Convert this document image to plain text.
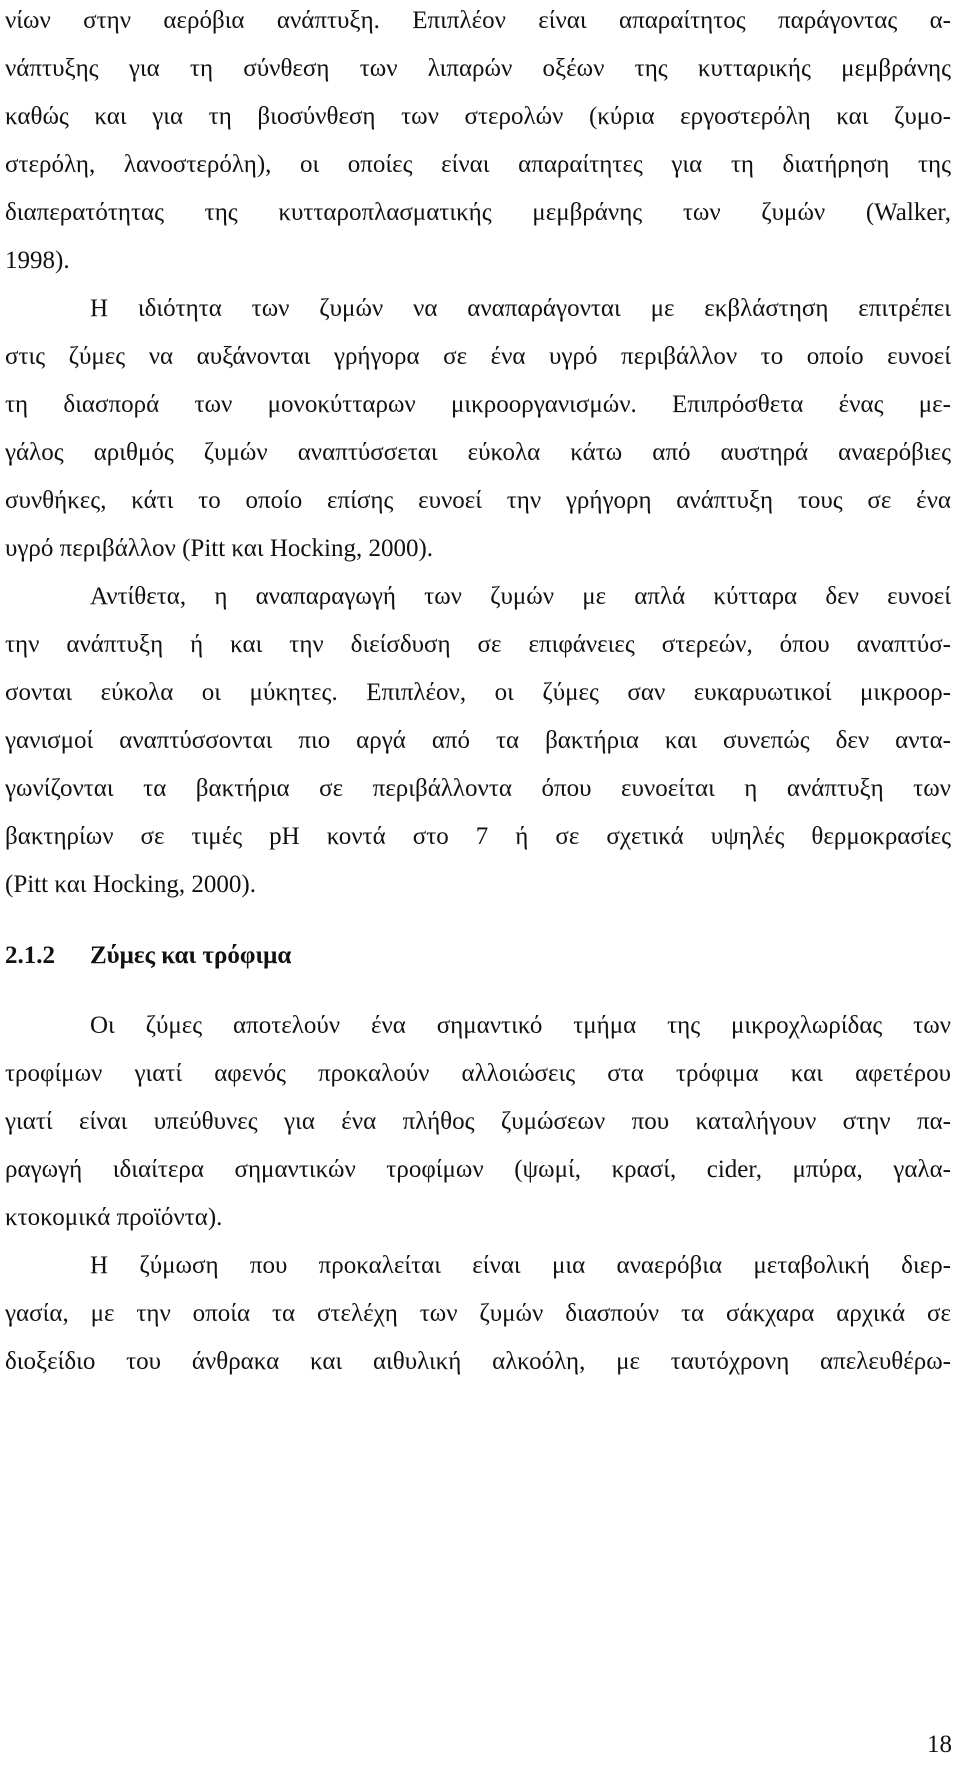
νίων στην αερόβια ανάπτυξη. Επιπλέον είναι απαραίτητος παράγοντας α-
νάπτυξης για τη σύνθεση των λιπαρών οξέων της κυτταρικής μεμβράνης
καθώς και για τη βιοσύνθεση των στερολών (κύρια εργοστερόλη και ζυμο-
στερόλη, λανοστερόλη), οι οποίες είναι απαραίτητες για τη διατήρηση της
διαπερατότητας της κυτταροπλασματικής μεμβράνης των ζυμών (Walker,
1998).
Η ιδιότητα των ζυμών να αναπαράγονται με εκβλάστηση επιτρέπει
στις ζύμες να αυξάνονται γρήγορα σε ένα υγρό περιβάλλον το οποίο ευνοεί
τη διασπορά των μονοκύτταρων μικροοργανισμών. Επιπρόσθετα ένας με-
γάλος αριθμός ζυμών αναπτύσσεται εύκολα κάτω από αυστηρά αναερόβιες
συνθήκες, κάτι το οποίο επίσης ευνοεί την γρήγορη ανάπτυξη τους σε ένα
υγρό περιβάλλον (Pitt και Hocking, 2000).
Αντίθετα, η αναπαραγωγή των ζυμών με απλά κύτταρα δεν ευνοεί
την ανάπτυξη ή και την διείσδυση σε επιφάνειες στερεών, όπου αναπτύσ-
σονται εύκολα οι μύκητες. Επιπλέον, οι ζύμες σαν ευκαρυωτικοί μικροορ-
γανισμοί αναπτύσσονται πιο αργά από τα βακτήρια και συνεπώς δεν αντα-
γωνίζονται τα βακτήρια σε περιβάλλοντα όπου ευνοείται η ανάπτυξη των
βακτηρίων σε τιμές pH κοντά στο 7 ή σε σχετικά υψηλές θερμοκρασίες
(Pitt και Hocking, 2000).
2.1.2 Ζύμες και τρόφιμα
Οι ζύμες αποτελούν ένα σημαντικό τμήμα της μικροχλωρίδας των
τροφίμων γιατί αφενός προκαλούν αλλοιώσεις στα τρόφιμα και αφετέρου
γιατί είναι υπεύθυνες για ένα πλήθος ζυμώσεων που καταλήγουν στην πα-
ραγωγή ιδιαίτερα σημαντικών τροφίμων (ψωμί, κρασί, cider, μπύρα, γαλα-
κτοκομικά προϊόντα).
Η ζύμωση που προκαλείται είναι μια αναερόβια μεταβολική διερ-
γασία, με την οποία τα στελέχη των ζυμών διασπούν τα σάκχαρα αρχικά σε
διοξείδιο του άνθρακα και αιθυλική αλκοόλη, με ταυτόχρονη απελευθέρω-
18
